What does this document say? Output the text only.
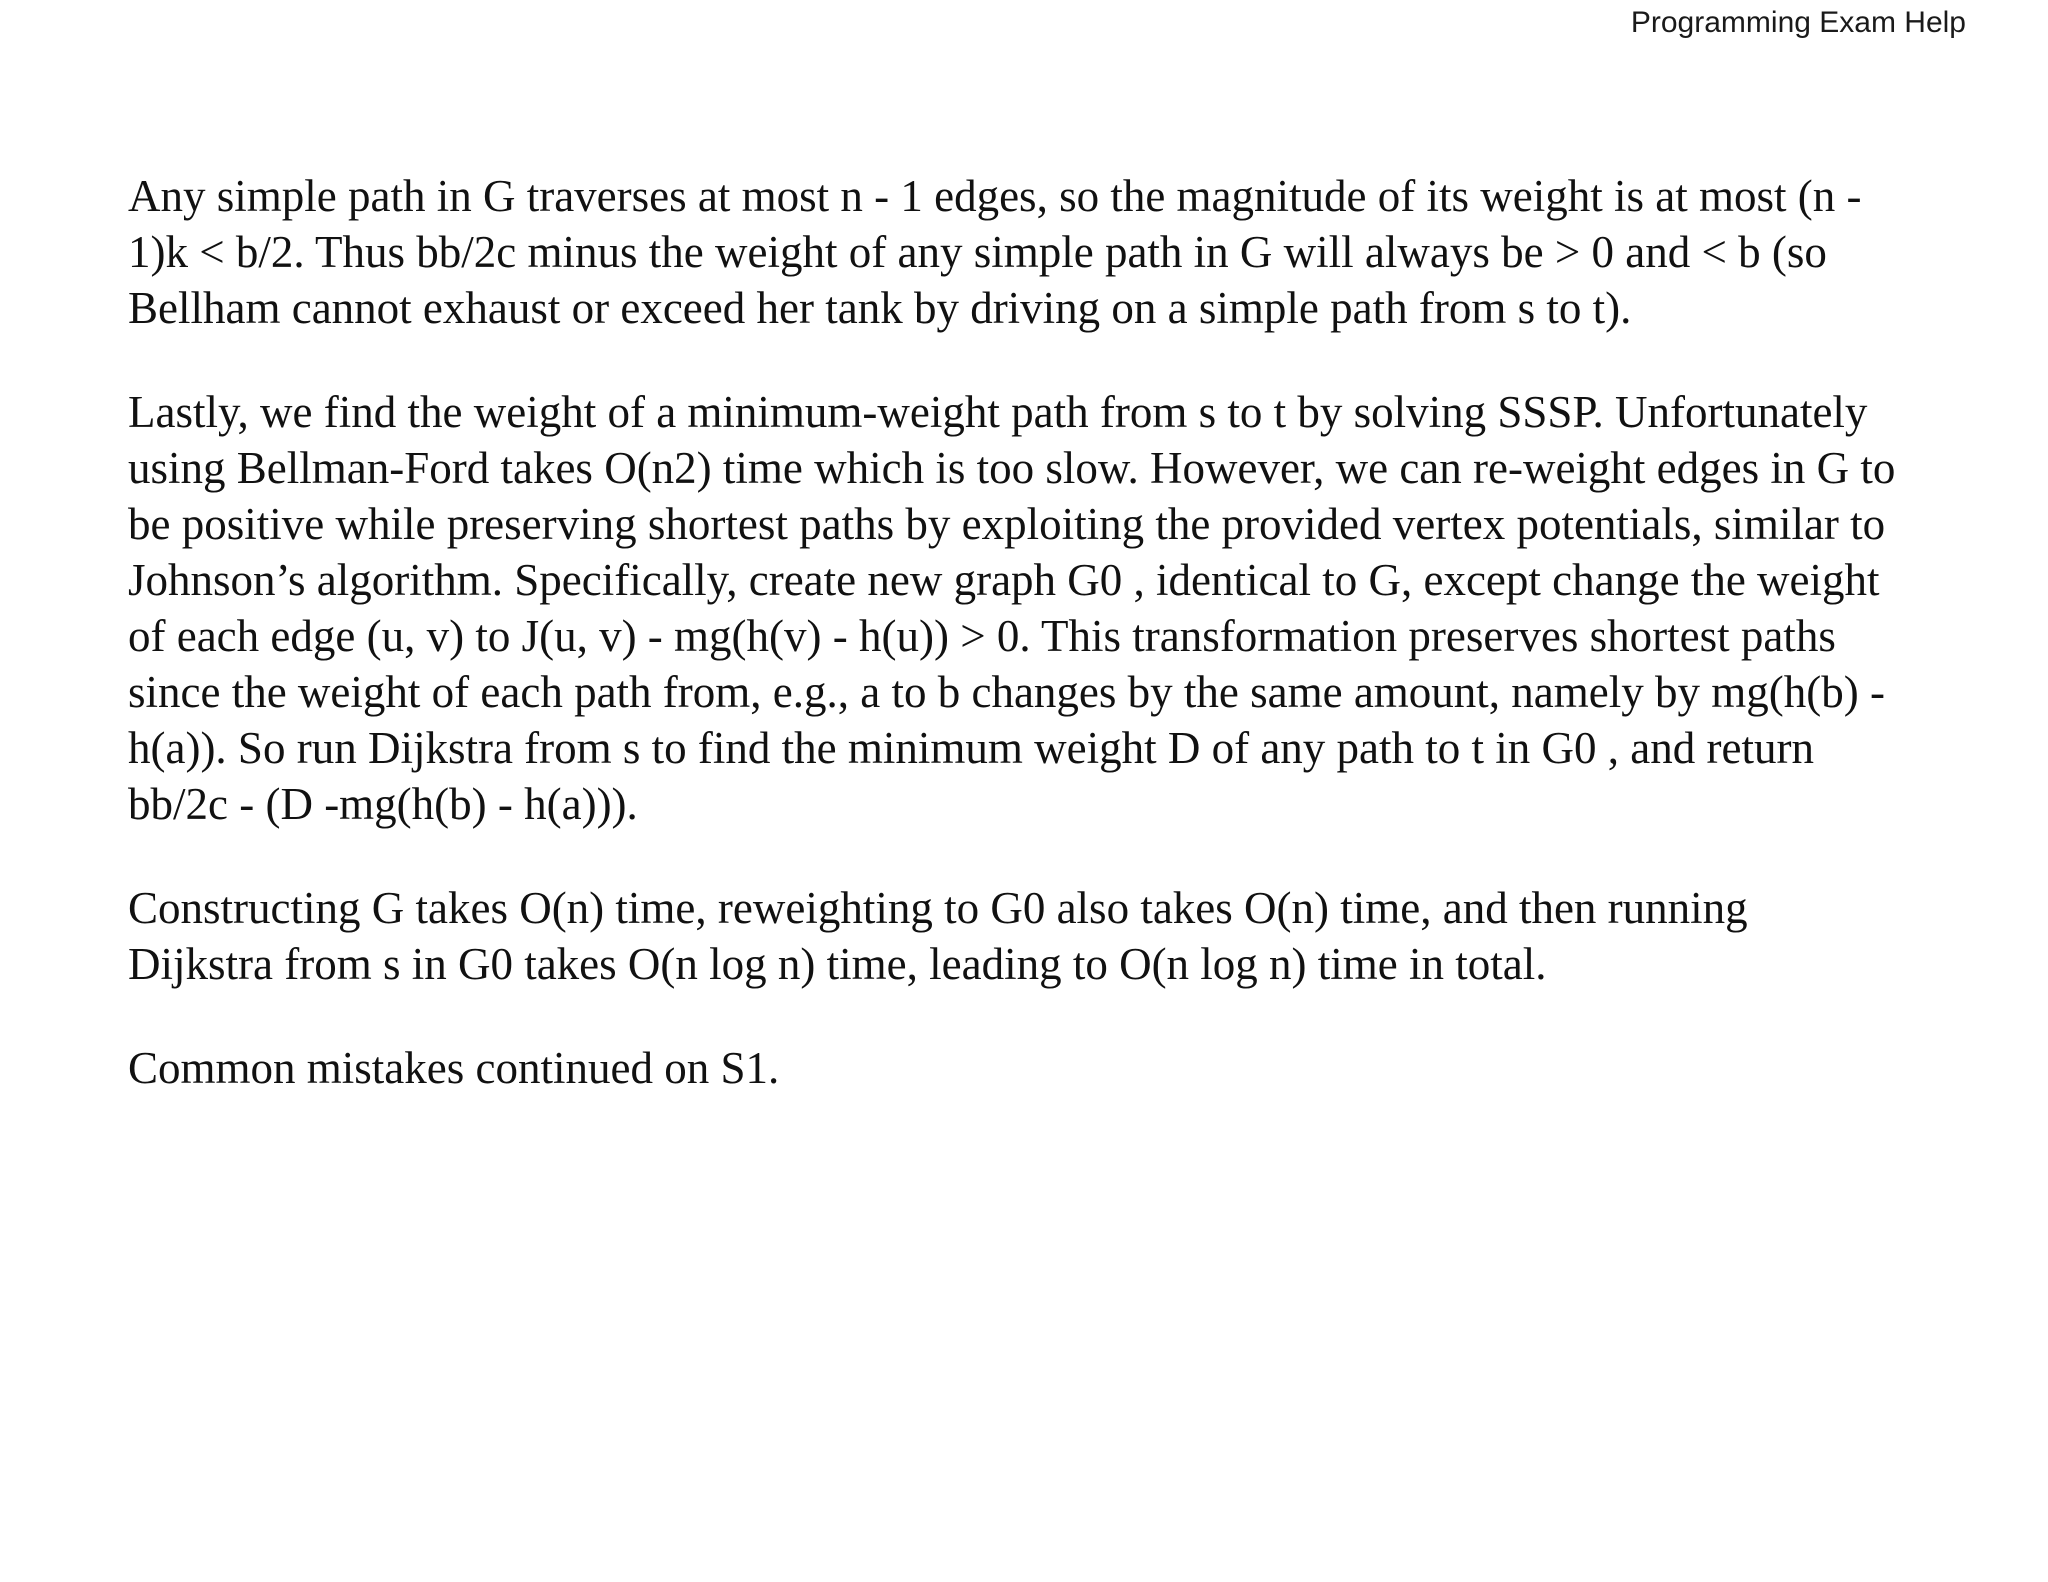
Programming Exam Help
Any simple path in G traverses at most n - 1 edges, so the magnitude of its weight is at most (n -
1)k < b/2. Thus bb/2c minus the weight of any simple path in G will always be > 0 and < b (so
Bellham cannot exhaust or exceed her tank by driving on a simple path from s to t).
Lastly, we find the weight of a minimum-weight path from s to t by solving SSSP. Unfortunately
using Bellman-Ford takes O(n2) time which is too slow. However, we can re-weight edges in G to
be positive while preserving shortest paths by exploiting the provided vertex potentials, similar to
Johnson’s algorithm. Specifically, create new graph G0 , identical to G, except change the weight
of each edge (u, v) to J(u, v) - mg(h(v) - h(u)) > 0. This transformation preserves shortest paths
since the weight of each path from, e.g., a to b changes by the same amount, namely by mg(h(b) -
h(a)). So run Dijkstra from s to find the minimum weight D of any path to t in G0 , and return
bb/2c - (D -mg(h(b) - h(a))).
Constructing G takes O(n) time, reweighting to G0 also takes O(n) time, and then running
Dijkstra from s in G0 takes O(n log n) time, leading to O(n log n) time in total.
Common mistakes continued on S1.
